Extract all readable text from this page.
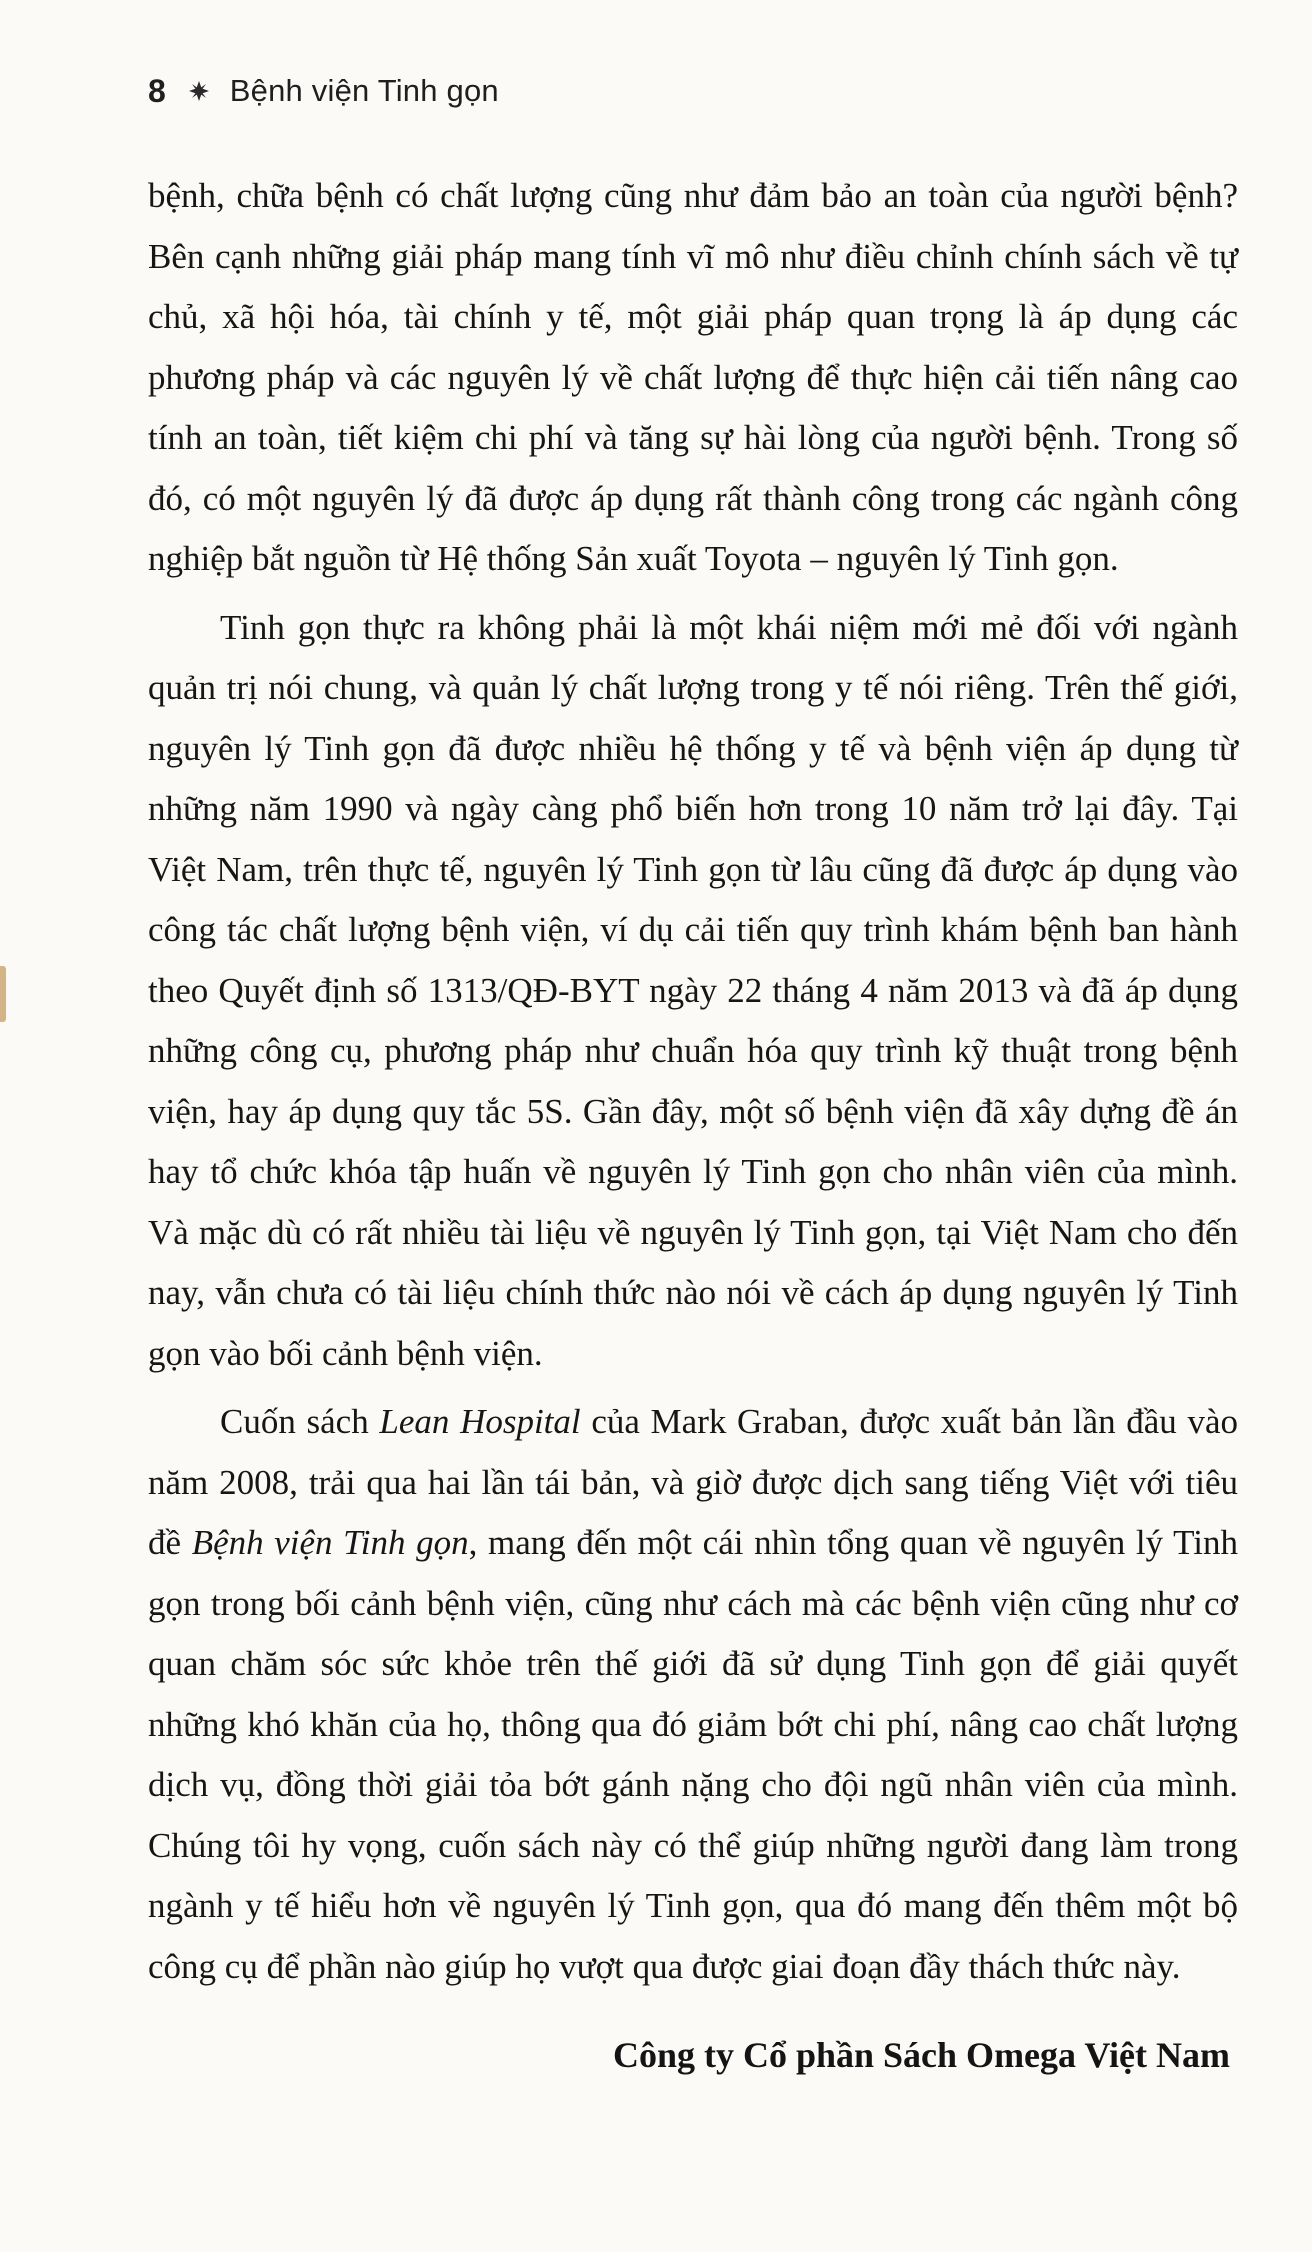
8 Bệnh viện Tinh gọn

bệnh, chữa bệnh có chất lượng cũng như đảm bảo an toàn của người bệnh? Bên cạnh những giải pháp mang tính vĩ mô như điều chỉnh chính sách về tự chủ, xã hội hóa, tài chính y tế, một giải pháp quan trọng là áp dụng các phương pháp và các nguyên lý về chất lượng để thực hiện cải tiến nâng cao tính an toàn, tiết kiệm chi phí và tăng sự hài lòng của người bệnh. Trong số đó, có một nguyên lý đã được áp dụng rất thành công trong các ngành công nghiệp bắt nguồn từ Hệ thống Sản xuất Toyota – nguyên lý Tinh gọn.

Tinh gọn thực ra không phải là một khái niệm mới mẻ đối với ngành quản trị nói chung, và quản lý chất lượng trong y tế nói riêng. Trên thế giới, nguyên lý Tinh gọn đã được nhiều hệ thống y tế và bệnh viện áp dụng từ những năm 1990 và ngày càng phổ biến hơn trong 10 năm trở lại đây. Tại Việt Nam, trên thực tế, nguyên lý Tinh gọn từ lâu cũng đã được áp dụng vào công tác chất lượng bệnh viện, ví dụ cải tiến quy trình khám bệnh ban hành theo Quyết định số 1313/QĐ-BYT ngày 22 tháng 4 năm 2013 và đã áp dụng những công cụ, phương pháp như chuẩn hóa quy trình kỹ thuật trong bệnh viện, hay áp dụng quy tắc 5S. Gần đây, một số bệnh viện đã xây dựng đề án hay tổ chức khóa tập huấn về nguyên lý Tinh gọn cho nhân viên của mình. Và mặc dù có rất nhiều tài liệu về nguyên lý Tinh gọn, tại Việt Nam cho đến nay, vẫn chưa có tài liệu chính thức nào nói về cách áp dụng nguyên lý Tinh gọn vào bối cảnh bệnh viện.

Cuốn sách Lean Hospital của Mark Graban, được xuất bản lần đầu vào năm 2008, trải qua hai lần tái bản, và giờ được dịch sang tiếng Việt với tiêu đề Bệnh viện Tinh gọn, mang đến một cái nhìn tổng quan về nguyên lý Tinh gọn trong bối cảnh bệnh viện, cũng như cách mà các bệnh viện cũng như cơ quan chăm sóc sức khỏe trên thế giới đã sử dụng Tinh gọn để giải quyết những khó khăn của họ, thông qua đó giảm bớt chi phí, nâng cao chất lượng dịch vụ, đồng thời giải tỏa bớt gánh nặng cho đội ngũ nhân viên của mình. Chúng tôi hy vọng, cuốn sách này có thể giúp những người đang làm trong ngành y tế hiểu hơn về nguyên lý Tinh gọn, qua đó mang đến thêm một bộ công cụ để phần nào giúp họ vượt qua được giai đoạn đầy thách thức này.

Công ty Cổ phần Sách Omega Việt Nam
